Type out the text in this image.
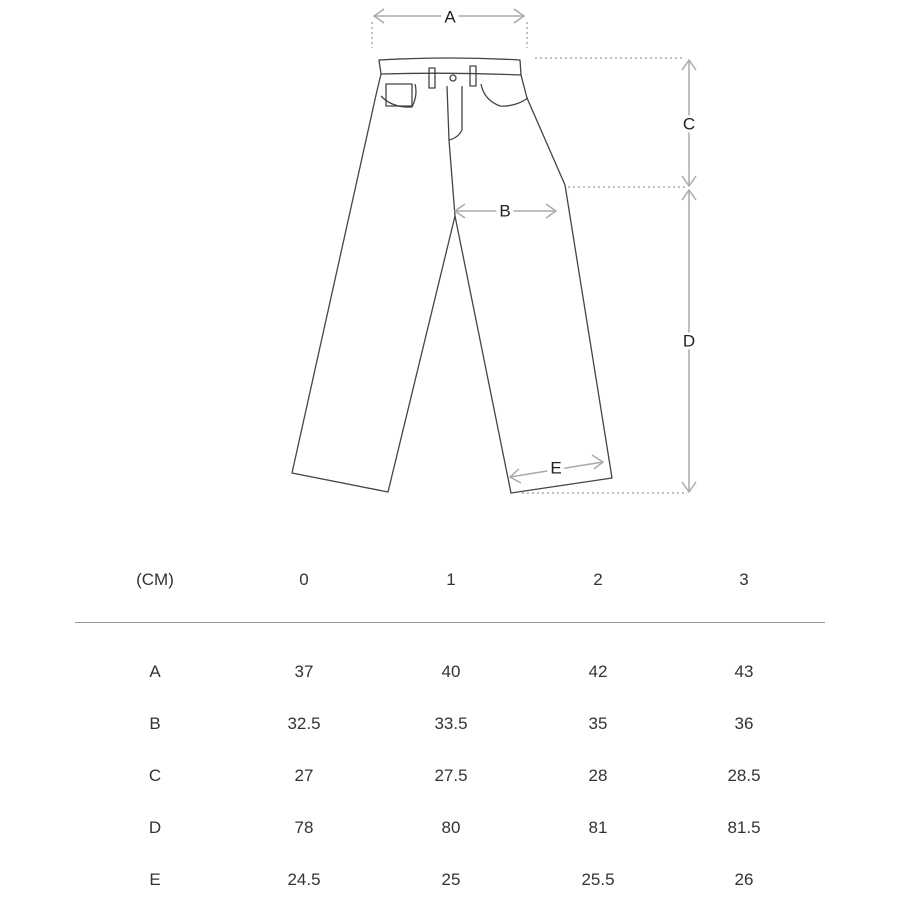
A
C
B
D
E
(CM)	0	1	2	3
A	37	40	42	43
B	32.5	33.5	35	36
C	27	27.5	28	28.5
D	78	80	81	81.5
E	24.5	25	25.5	26
